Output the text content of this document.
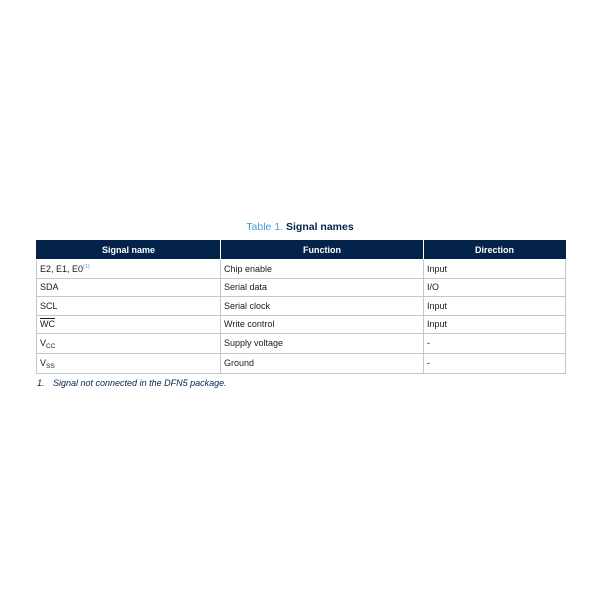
Table 1. Signal names
Signal name	Function	Direction
E2, E1, E0$^{(1)}$	Chip enable	Input
SDA	Serial data	I/O
SCL	Serial clock	Input
$\overline{WC}$	Write control	Input
$V_{CC}$	Supply voltage	-
$V_{SS}$	Ground	-
1. Signal not connected in the DFN5 package.
